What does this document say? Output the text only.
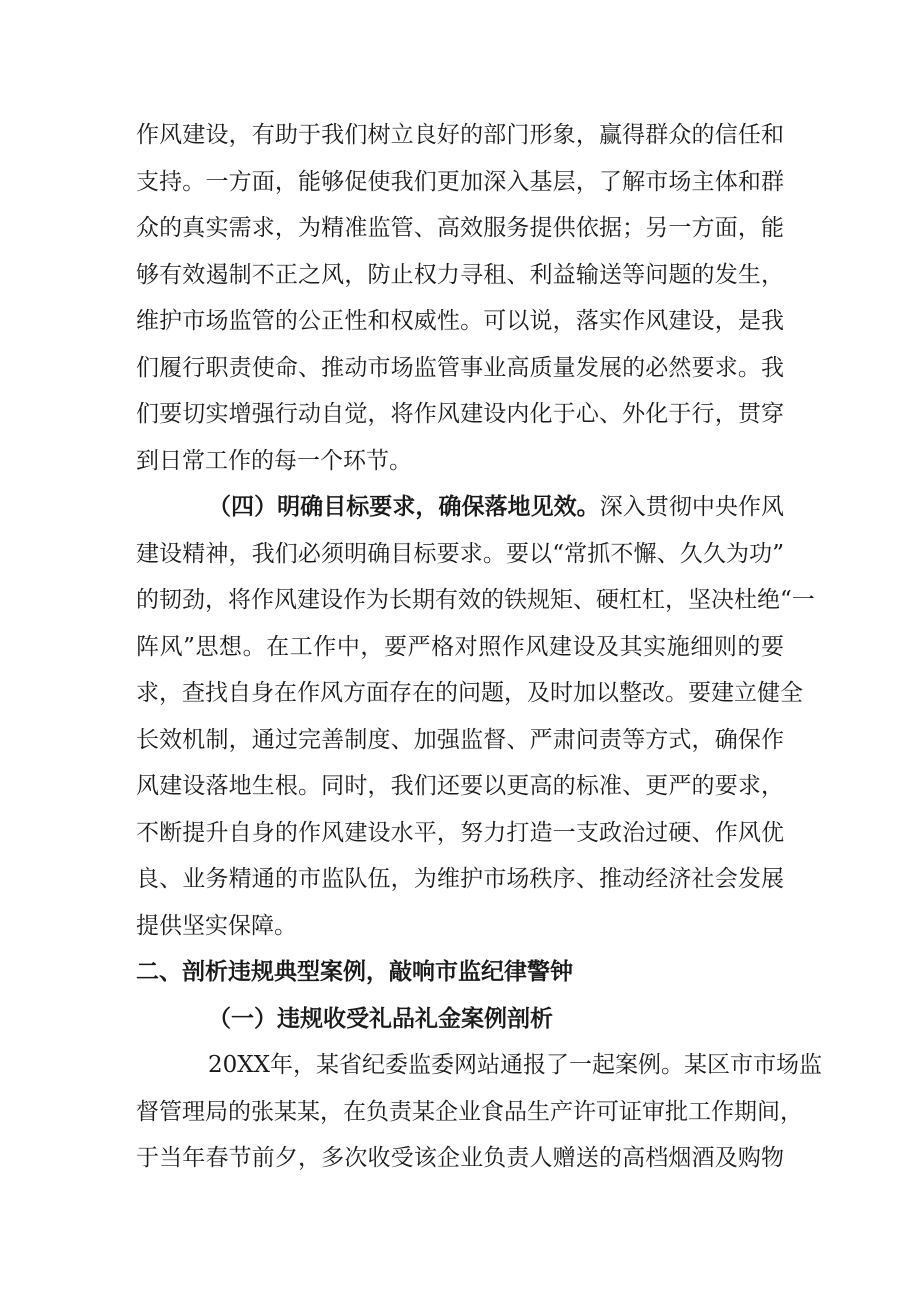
作风建设，有助于我们树立良好的部门形象，赢得群众的信任和
支持。一方面，能够促使我们更加深入基层，了解市场主体和群
众的真实需求，为精准监管、高效服务提供依据；另一方面，能
够有效遏制不正之风，防止权力寻租、利益输送等问题的发生，
维护市场监管的公正性和权威性。可以说，落实作风建设，是我
们履行职责使命、推动市场监管事业高质量发展的必然要求。我
们要切实增强行动自觉，将作风建设内化于心、外化于行，贯穿
到日常工作的每一个环节。
（四）明确目标要求，确保落地见效。深入贯彻中央作风
建设精神，我们必须明确目标要求。要以“常抓不懈、久久为功”
的韧劲，将作风建设作为长期有效的铁规矩、硬杠杠，坚决杜绝“一
阵风”思想。在工作中，要严格对照作风建设及其实施细则的要
求，查找自身在作风方面存在的问题，及时加以整改。要建立健全
长效机制，通过完善制度、加强监督、严肃问责等方式，确保作
风建设落地生根。同时，我们还要以更高的标准、更严的要求，
不断提升自身的作风建设水平，努力打造一支政治过硬、作风优
良、业务精通的市监队伍，为维护市场秩序、推动经济社会发展
提供坚实保障。
二、剖析违规典型案例，敲响市监纪律警钟
（一）违规收受礼品礼金案例剖析
20XX年，某省纪委监委网站通报了一起案例。某区市市场监
督管理局的张某某，在负责某企业食品生产许可证审批工作期间，
于当年春节前夕，多次收受该企业负责人赠送的高档烟酒及购物
